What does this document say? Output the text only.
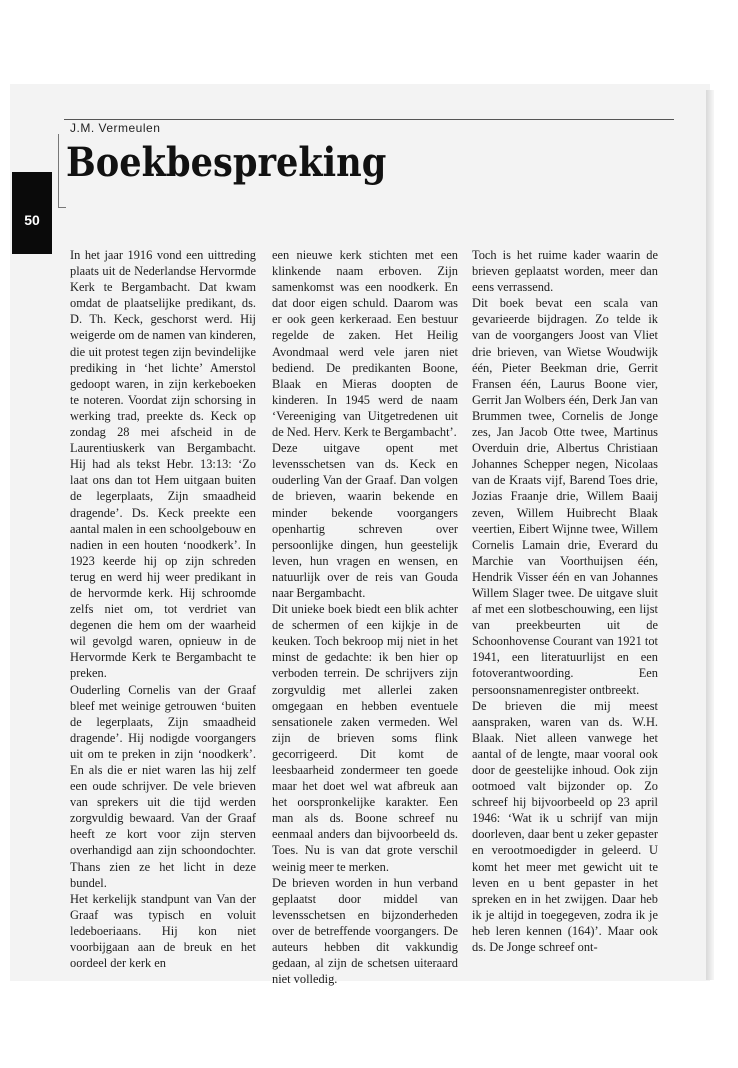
J.M. Vermeulen
Boekbespreking
50

In het jaar 1916 vond een uittreding plaats uit de Nederlandse Hervormde Kerk te Bergambacht. Dat kwam omdat de plaatselijke predikant, ds. D. Th. Keck, geschorst werd. Hij weigerde om de namen van kinderen, die uit protest tegen zijn bevindelijke prediking in ‘het lichte’ Amerstol gedoopt waren, in zijn kerkeboeken te noteren. Voordat zijn schorsing in werking trad, preekte ds. Keck op zondag 28 mei afscheid in de Laurentiuskerk van Bergambacht. Hij had als tekst Hebr. 13:13: ‘Zo laat ons dan tot Hem uitgaan buiten de legerplaats, Zijn smaadheid dragende’. Ds. Keck preekte een aantal malen in een schoolgebouw en nadien in een houten ‘noodkerk’. In 1923 keerde hij op zijn schreden terug en werd hij weer predikant in de hervormde kerk. Hij schroomde zelfs niet om, tot verdriet van degenen die hem om der waarheid wil gevolgd waren, opnieuw in de Hervormde Kerk te Bergambacht te preken.

Ouderling Cornelis van der Graaf bleef met weinige getrouwen ‘buiten de legerplaats, Zijn smaadheid dragende’. Hij nodigde voorgangers uit om te preken in zijn ‘noodkerk’. En als die er niet waren las hij zelf een oude schrijver. De vele brieven van sprekers uit die tijd werden zorgvuldig bewaard. Van der Graaf heeft ze kort voor zijn sterven overhandigd aan zijn schoondochter. Thans zien ze het licht in deze bundel.

Het kerkelijk standpunt van Van der Graaf was typisch en voluit ledeboeriaans. Hij kon niet voorbijgaan aan de breuk en het oordeel der kerk en

een nieuwe kerk stichten met een klinkende naam erboven. Zijn samenkomst was een noodkerk. En dat door eigen schuld. Daarom was er ook geen kerkeraad. Een bestuur regelde de zaken. Het Heilig Avondmaal werd vele jaren niet bediend. De predikanten Boone, Blaak en Mieras doopten de kinderen. In 1945 werd de naam ‘Vereeniging van Uitgetredenen uit de Ned. Herv. Kerk te Bergambacht’.

Deze uitgave opent met levensschetsen van ds. Keck en ouderling Van der Graaf. Dan volgen de brieven, waarin bekende en minder bekende voorgangers openhartig schreven over persoonlijke dingen, hun geestelijk leven, hun vragen en wensen, en natuurlijk over de reis van Gouda naar Bergambacht.

Dit unieke boek biedt een blik achter de schermen of een kijkje in de keuken. Toch bekroop mij niet in het minst de gedachte: ik ben hier op verboden terrein. De schrijvers zijn zorgvuldig met allerlei zaken omgegaan en hebben eventuele sensationele zaken vermeden. Wel zijn de brieven soms flink gecorrigeerd. Dit komt de leesbaarheid zondermeer ten goede maar het doet wel wat afbreuk aan het oorspronkelijke karakter. Een man als ds. Boone schreef nu eenmaal anders dan bijvoorbeeld ds. Toes. Nu is van dat grote verschil weinig meer te merken.

De brieven worden in hun verband geplaatst door middel van levensschetsen en bijzonderheden over de betreffende voorgangers. De auteurs hebben dit vakkundig gedaan, al zijn de schetsen uiteraard niet volledig.

Toch is het ruime kader waarin de brieven geplaatst worden, meer dan eens verrassend.

Dit boek bevat een scala van gevarieerde bijdragen. Zo telde ik van de voorgangers Joost van Vliet drie brieven, van Wietse Woudwijk één, Pieter Beekman drie, Gerrit Fransen één, Laurus Boone vier, Gerrit Jan Wolbers één, Derk Jan van Brummen twee, Cornelis de Jonge zes, Jan Jacob Otte twee, Martinus Overduin drie, Albertus Christiaan Johannes Schepper negen, Nicolaas van de Kraats vijf, Barend Toes drie, Jozias Fraanje drie, Willem Baaij zeven, Willem Huibrecht Blaak veertien, Eibert Wijnne twee, Willem Cornelis Lamain drie, Everard du Marchie van Voorthuijsen één, Hendrik Visser één en van Johannes Willem Slager twee. De uitgave sluit af met een slotbeschouwing, een lijst van preekbeurten uit de Schoonhovense Courant van 1921 tot 1941, een literatuurlijst en een fotoverantwoording. Een persoonsnamenregister ontbreekt.

De brieven die mij meest aanspraken, waren van ds. W.H. Blaak. Niet alleen vanwege het aantal of de lengte, maar vooral ook door de geestelijke inhoud. Ook zijn ootmoed valt bijzonder op. Zo schreef hij bijvoorbeeld op 23 april 1946: ‘Wat ik u schrijf van mijn doorleven, daar bent u zeker gepaster en verootmoedigder in geleerd. U komt het meer met gewicht uit te leven en u bent gepaster in het spreken en in het zwijgen. Daar heb ik je altijd in toegegeven, zodra ik je heb leren kennen (164)’. Maar ook ds. De Jonge schreef ont-
